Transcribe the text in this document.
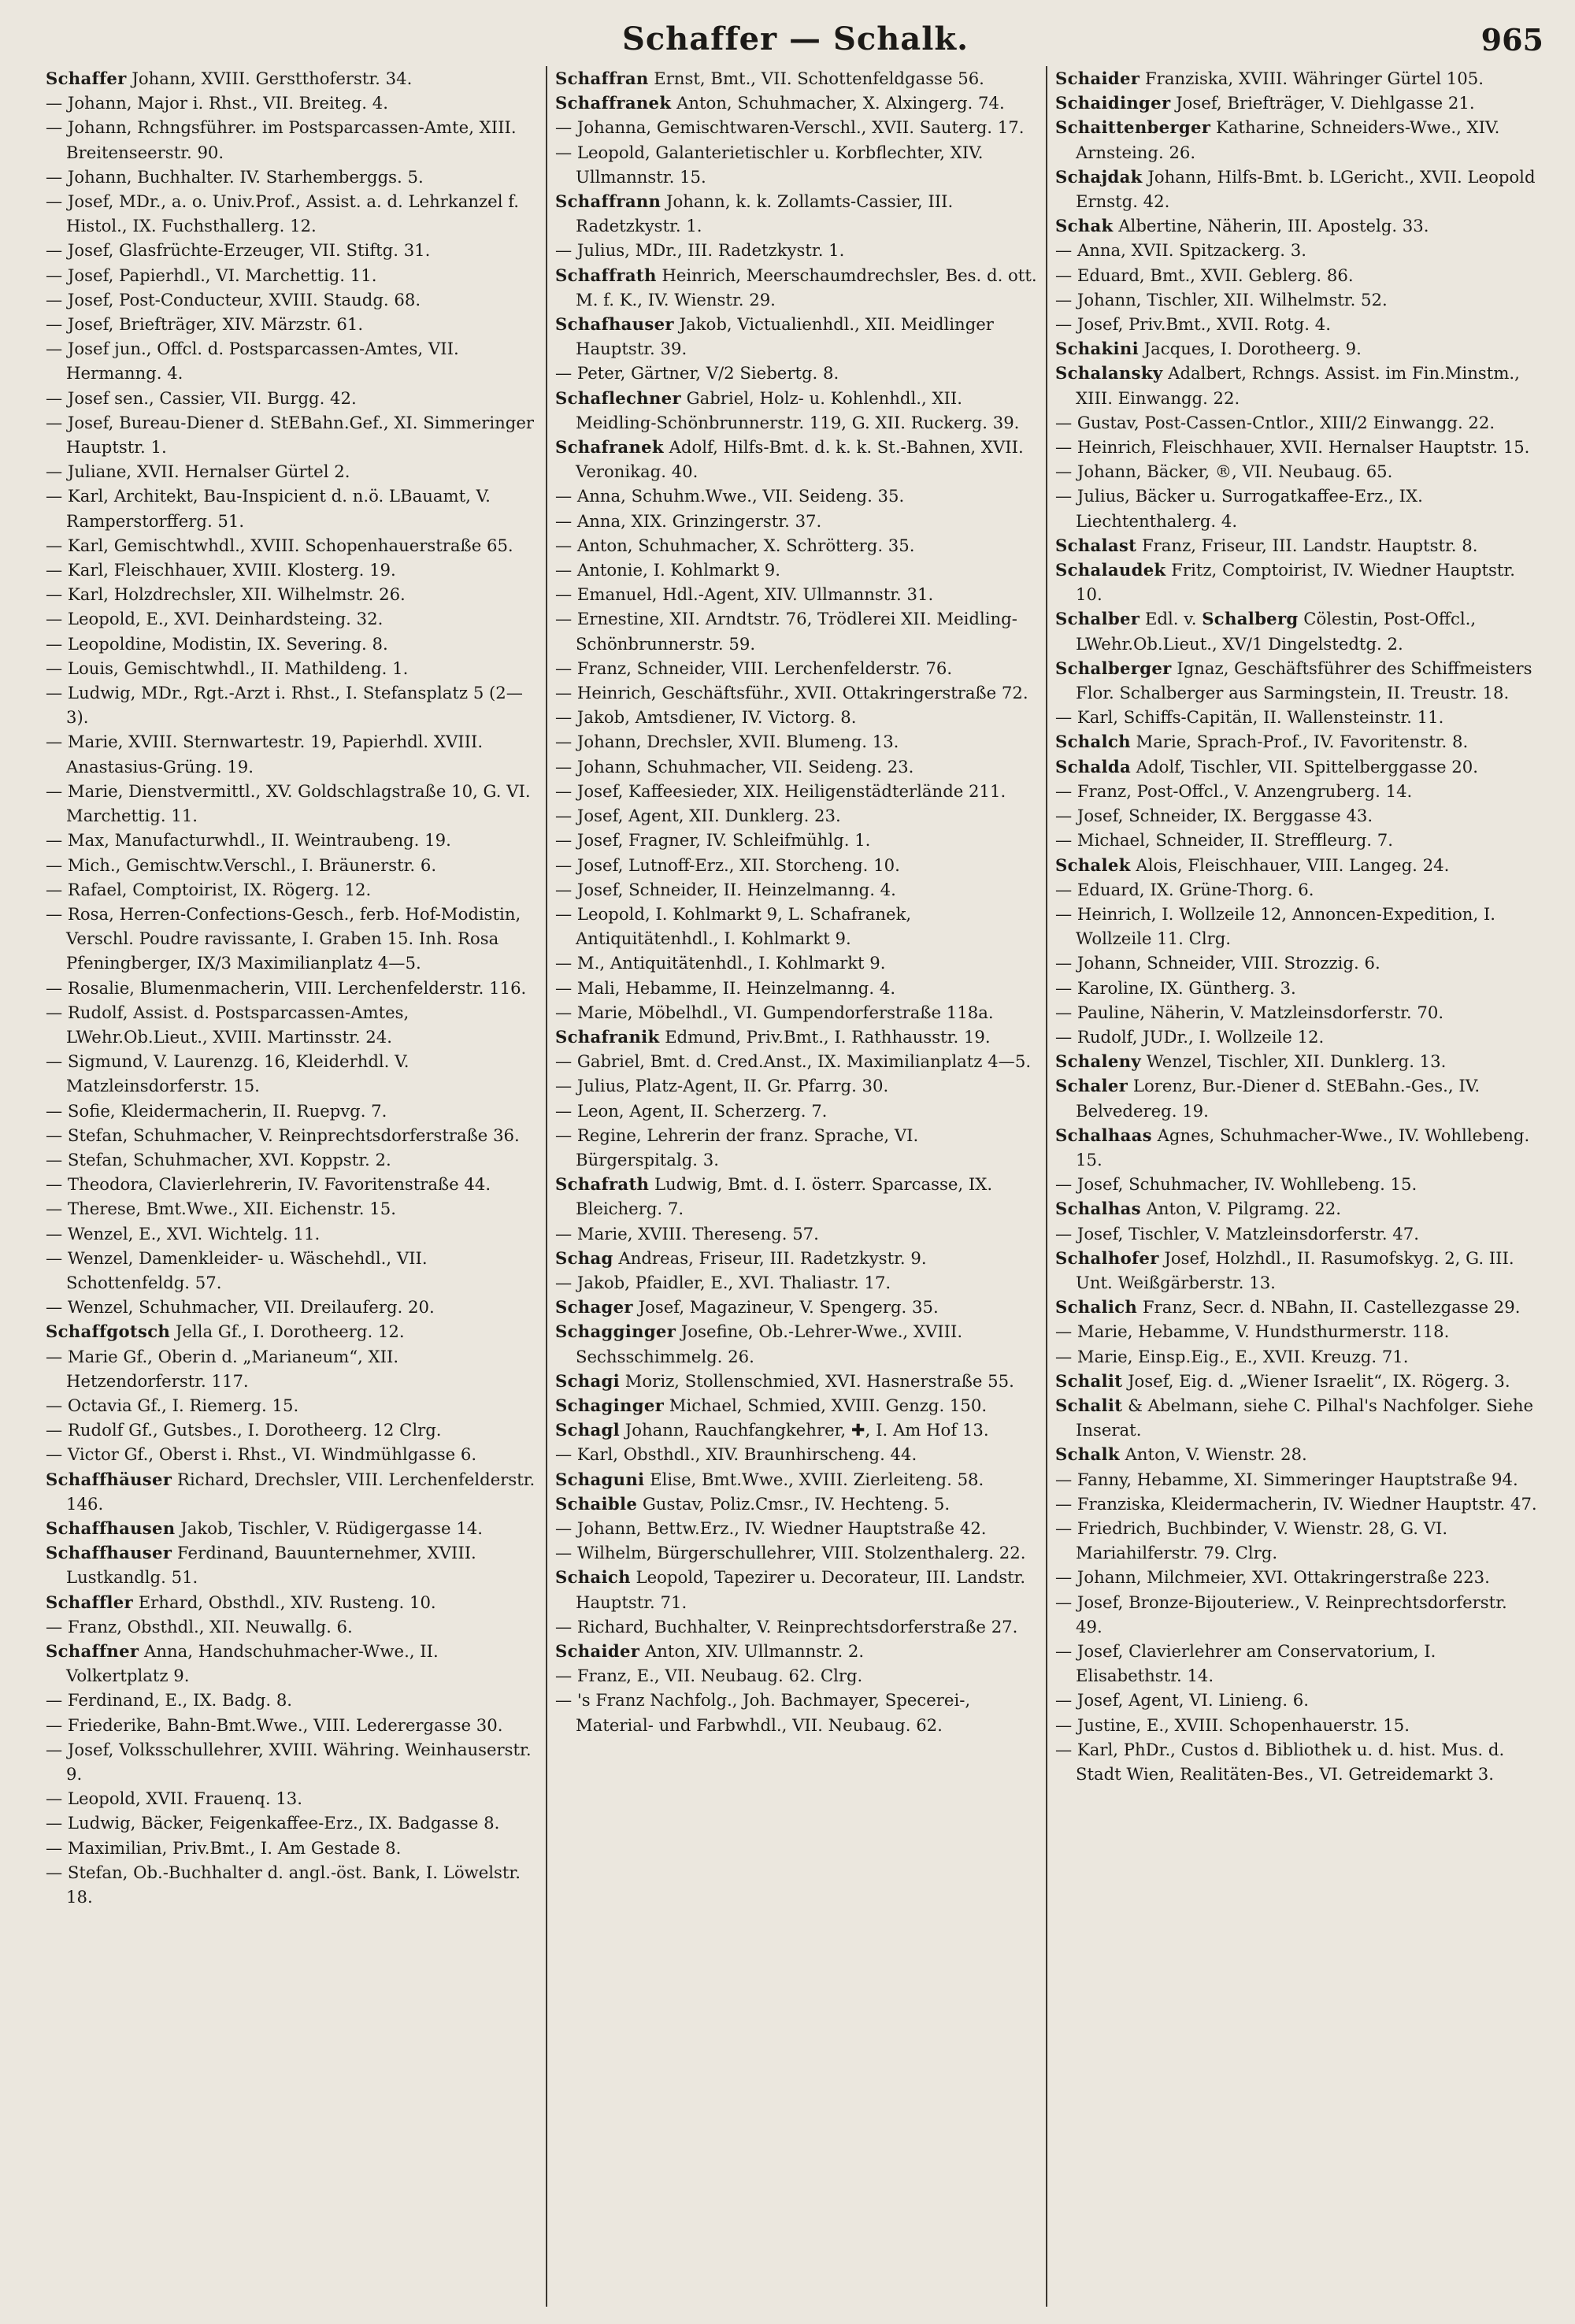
Schaffer — Schalk.	965

Schaffer Johann, XVIII. Gerstthoferstr. 34.

— Johann, Major i. Rhst., VII. Breiteg. 4.

— Johann, Rchngsführer. im Postsparcassen-Amte, XIII. Breitenseerstr. 90.

— Johann, Buchhalter. IV. Starhemberggs. 5.

— Josef, MDr., a. o. Univ.Prof., Assist. a. d. Lehrkanzel f. Histol., IX. Fuchsthallerg. 12.

— Josef, Glasfrüchte-Erzeuger, VII. Stiftg. 31.

— Josef, Papierhdl., VI. Marchettig. 11.

— Josef, Post-Conducteur, XVIII. Staudg. 68.

— Josef, Briefträger, XIV. Märzstr. 61.

— Josef jun., Offcl. d. Postsparcassen-Amtes, VII. Hermanng. 4.

— Josef sen., Cassier, VII. Burgg. 42.

— Josef, Bureau-Diener d. StEBahn.Gef., XI. Simmeringer Hauptstr. 1.

— Juliane, XVII. Hernalser Gürtel 2.

— Karl, Architekt, Bau-Inspicient d. n.ö. LBauamt, V. Ramperstorfferg. 51.

— Karl, Gemischtwhdl., XVIII. Schopenhauerstraße 65.

— Karl, Fleischhauer, XVIII. Klosterg. 19.

— Karl, Holzdrechsler, XII. Wilhelmstr. 26.

— Leopold, E., XVI. Deinhardsteing. 32.

— Leopoldine, Modistin, IX. Severing. 8.

— Louis, Gemischtwhdl., II. Mathildeng. 1.

— Ludwig, MDr., Rgt.-Arzt i. Rhst., I. Stefansplatz 5 (2—3).

— Marie, XVIII. Sternwartestr. 19, Papierhdl. XVIII. Anastasius-Grüng. 19.

— Marie, Dienstvermittl., XV. Goldschlagstraße 10, G. VI. Marchettig. 11.

— Max, Manufacturwhdl., II. Weintraubeng. 19.

— Mich., Gemischtw.Verschl., I. Bräunerstr. 6.

— Rafael, Comptoirist, IX. Rögerg. 12.

— Rosa, Herren-Confections-Gesch., ferb. Hof-Modistin, Verschl. Poudre ravissante, I. Graben 15. Inh. Rosa Pfeningberger, IX/3 Maximilianplatz 4—5.

— Rosalie, Blumenmacherin, VIII. Lerchenfelderstr. 116.

— Rudolf, Assist. d. Postsparcassen-Amtes, LWehr.Ob.Lieut., XVIII. Martinsstr. 24.

— Sigmund, V. Laurenzg. 16, Kleiderhdl. V. Matzleinsdorferstr. 15.

— Sofie, Kleidermacherin, II. Ruepvg. 7.

— Stefan, Schuhmacher, V. Reinprechtsdorferstraße 36.

— Stefan, Schuhmacher, XVI. Koppstr. 2.

— Theodora, Clavierlehrerin, IV. Favoritenstraße 44.

— Therese, Bmt.Wwe., XII. Eichenstr. 15.

— Wenzel, E., XVI. Wichtelg. 11.

— Wenzel, Damenkleider- u. Wäschehdl., VII. Schottenfeldg. 57.

— Wenzel, Schuhmacher, VII. Dreilauferg. 20.

Schaffgotsch Jella Gf., I. Dorotheerg. 12.

— Marie Gf., Oberin d. „Marianeum“, XII. Hetzendorferstr. 117.

— Octavia Gf., I. Riemerg. 15.

— Rudolf Gf., Gutsbes., I. Dorotheerg. 12 Clrg.

— Victor Gf., Oberst i. Rhst., VI. Windmühlgasse 6.

Schaffhäuser Richard, Drechsler, VIII. Lerchenfelderstr. 146.

Schaffhausen Jakob, Tischler, V. Rüdigergasse 14.

Schaffhauser Ferdinand, Bauunternehmer, XVIII. Lustkandlg. 51.

Schaffler Erhard, Obsthdl., XIV. Rusteng. 10.

— Franz, Obsthdl., XII. Neuwallg. 6.

Schaffner Anna, Handschuhmacher-Wwe., II. Volkertplatz 9.

— Ferdinand, E., IX. Badg. 8.

— Friederike, Bahn-Bmt.Wwe., VIII. Lederergasse 30.

— Josef, Volksschullehrer, XVIII. Währing. Weinhauserstr. 9.

— Leopold, XVII. Frauenq. 13.

— Ludwig, Bäcker, Feigenkaffee-Erz., IX. Badgasse 8.

— Maximilian, Priv.Bmt., I. Am Gestade 8.

— Stefan, Ob.-Buchhalter d. angl.-öst. Bank, I. Löwelstr. 18.

Schaffran Ernst, Bmt., VII. Schottenfeldgasse 56.

Schaffranek Anton, Schuhmacher, X. Alxingerg. 74.

— Johanna, Gemischtwaren-Verschl., XVII. Sauterg. 17.

— Leopold, Galanterietischler u. Korbflechter, XIV. Ullmannstr. 15.

Schaffrann Johann, k. k. Zollamts-Cassier, III. Radetzkystr. 1.

— Julius, MDr., III. Radetzkystr. 1.

Schaffrath Heinrich, Meerschaumdrechsler, Bes. d. ott. M. f. K., IV. Wienstr. 29.

Schafhauser Jakob, Victualienhdl., XII. Meidlinger Hauptstr. 39.

— Peter, Gärtner, V/2 Siebertg. 8.

Schaflechner Gabriel, Holz- u. Kohlenhdl., XII. Meidling-Schönbrunnerstr. 119, G. XII. Ruckerg. 39.

Schafranek Adolf, Hilfs-Bmt. d. k. k. St.-Bahnen, XVII. Veronikag. 40.

— Anna, Schuhm.Wwe., VII. Seideng. 35.

— Anna, XIX. Grinzingerstr. 37.

— Anton, Schuhmacher, X. Schrötterg. 35.

— Antonie, I. Kohlmarkt 9.

— Emanuel, Hdl.-Agent, XIV. Ullmannstr. 31.

— Ernestine, XII. Arndtstr. 76, Trödlerei XII. Meidling-Schönbrunnerstr. 59.

— Franz, Schneider, VIII. Lerchenfelderstr. 76.

— Heinrich, Geschäftsführ., XVII. Ottakringerstraße 72.

— Jakob, Amtsdiener, IV. Victorg. 8.

— Johann, Drechsler, XVII. Blumeng. 13.

— Johann, Schuhmacher, VII. Seideng. 23.

— Josef, Kaffeesieder, XIX. Heiligenstädterlände 211.

— Josef, Agent, XII. Dunklerg. 23.

— Josef, Fragner, IV. Schleifmühlg. 1.

— Josef, Lutnoff-Erz., XII. Storcheng. 10.

— Josef, Schneider, II. Heinzelmanng. 4.

— Leopold, I. Kohlmarkt 9, L. Schafranek, Antiquitätenhdl., I. Kohlmarkt 9.

— M., Antiquitätenhdl., I. Kohlmarkt 9.

— Mali, Hebamme, II. Heinzelmanng. 4.

— Marie, Möbelhdl., VI. Gumpendorferstraße 118a.

Schafranik Edmund, Priv.Bmt., I. Rathhausstr. 19.

— Gabriel, Bmt. d. Cred.Anst., IX. Maximilianplatz 4—5.

— Julius, Platz-Agent, II. Gr. Pfarrg. 30.

— Leon, Agent, II. Scherzerg. 7.

— Regine, Lehrerin der franz. Sprache, VI. Bürgerspitalg. 3.

Schafrath Ludwig, Bmt. d. I. österr. Sparcasse, IX. Bleicherg. 7.

— Marie, XVIII. Thereseng. 57.

Schag Andreas, Friseur, III. Radetzkystr. 9.

— Jakob, Pfaidler, E., XVI. Thaliastr. 17.

Schager Josef, Magazineur, V. Spengerg. 35.

Schagginger Josefine, Ob.-Lehrer-Wwe., XVIII. Sechsschimmelg. 26.

Schagi Moriz, Stollenschmied, XVI. Hasnerstraße 55.

Schaginger Michael, Schmied, XVIII. Genzg. 150.

Schagl Johann, Rauchfangkehrer, ✚, I. Am Hof 13.

— Karl, Obsthdl., XIV. Braunhirscheng. 44.

Schaguni Elise, Bmt.Wwe., XVIII. Zierleiteng. 58.

Schaible Gustav, Poliz.Cmsr., IV. Hechteng. 5.

— Johann, Bettw.Erz., IV. Wiedner Hauptstraße 42.

— Wilhelm, Bürgerschullehrer, VIII. Stolzenthalerg. 22.

Schaich Leopold, Tapezirer u. Decorateur, III. Landstr. Hauptstr. 71.

— Richard, Buchhalter, V. Reinprechtsdorferstraße 27.

Schaider Anton, XIV. Ullmannstr. 2.

— Franz, E., VII. Neubaug. 62. Clrg.

— 's Franz Nachfolg., Joh. Bachmayer, Specerei-, Material- und Farbwhdl., VII. Neubaug. 62.

Schaider Franziska, XVIII. Währinger Gürtel 105.

Schaidinger Josef, Briefträger, V. Diehlgasse 21.

Schaittenberger Katharine, Schneiders-Wwe., XIV. Arnsteing. 26.

Schajdak Johann, Hilfs-Bmt. b. LGericht., XVII. Leopold Ernstg. 42.

Schak Albertine, Näherin, III. Apostelg. 33.

— Anna, XVII. Spitzackerg. 3.

— Eduard, Bmt., XVII. Geblerg. 86.

— Johann, Tischler, XII. Wilhelmstr. 52.

— Josef, Priv.Bmt., XVII. Rotg. 4.

Schakini Jacques, I. Dorotheerg. 9.

Schalansky Adalbert, Rchngs. Assist. im Fin.Minstm., XIII. Einwangg. 22.

— Gustav, Post-Cassen-Cntlor., XIII/2 Einwangg. 22.

— Heinrich, Fleischhauer, XVII. Hernalser Hauptstr. 15.

— Johann, Bäcker, ®, VII. Neubaug. 65.

— Julius, Bäcker u. Surrogatkaffee-Erz., IX. Liechtenthalerg. 4.

Schalast Franz, Friseur, III. Landstr. Hauptstr. 8.

Schalaudek Fritz, Comptoirist, IV. Wiedner Hauptstr. 10.

Schalber Edl. v. Schalberg Cölestin, Post-Offcl., LWehr.Ob.Lieut., XV/1 Dingelstedtg. 2.

Schalberger Ignaz, Geschäftsführer des Schiffmeisters Flor. Schalberger aus Sarmingstein, II. Treustr. 18.

— Karl, Schiffs-Capitän, II. Wallensteinstr. 11.

Schalch Marie, Sprach-Prof., IV. Favoritenstr. 8.

Schalda Adolf, Tischler, VII. Spittelberggasse 20.

— Franz, Post-Offcl., V. Anzengruberg. 14.

— Josef, Schneider, IX. Berggasse 43.

— Michael, Schneider, II. Streffleurg. 7.

Schalek Alois, Fleischhauer, VIII. Langeg. 24.

— Eduard, IX. Grüne-Thorg. 6.

— Heinrich, I. Wollzeile 12, Annoncen-Expedition, I. Wollzeile 11. Clrg.

— Johann, Schneider, VIII. Strozzig. 6.

— Karoline, IX. Güntherg. 3.

— Pauline, Näherin, V. Matzleinsdorferstr. 70.

— Rudolf, JUDr., I. Wollzeile 12.

Schaleny Wenzel, Tischler, XII. Dunklerg. 13.

Schaler Lorenz, Bur.-Diener d. StEBahn.-Ges., IV. Belvedereg. 19.

Schalhaas Agnes, Schuhmacher-Wwe., IV. Wohllebeng. 15.

— Josef, Schuhmacher, IV. Wohllebeng. 15.

Schalhas Anton, V. Pilgramg. 22.

— Josef, Tischler, V. Matzleinsdorferstr. 47.

Schalhofer Josef, Holzhdl., II. Rasumofskyg. 2, G. III. Unt. Weißgärberstr. 13.

Schalich Franz, Secr. d. NBahn, II. Castellezgasse 29.

— Marie, Hebamme, V. Hundsthurmerstr. 118.

— Marie, Einsp.Eig., E., XVII. Kreuzg. 71.

Schalit Josef, Eig. d. „Wiener Israelit“, IX. Rögerg. 3.

Schalit & Abelmann, siehe C. Pilhal's Nachfolger. Siehe Inserat.

Schalk Anton, V. Wienstr. 28.

— Fanny, Hebamme, XI. Simmeringer Hauptstraße 94.

— Franziska, Kleidermacherin, IV. Wiedner Hauptstr. 47.

— Friedrich, Buchbinder, V. Wienstr. 28, G. VI. Mariahilferstr. 79. Clrg.

— Johann, Milchmeier, XVI. Ottakringerstraße 223.

— Josef, Bronze-Bijouteriew., V. Reinprechtsdorferstr. 49.

— Josef, Clavierlehrer am Conservatorium, I. Elisabethstr. 14.

— Josef, Agent, VI. Linieng. 6.

— Justine, E., XVIII. Schopenhauerstr. 15.

— Karl, PhDr., Custos d. Bibliothek u. d. hist. Mus. d. Stadt Wien, Realitäten-Bes., VI. Getreidemarkt 3.
